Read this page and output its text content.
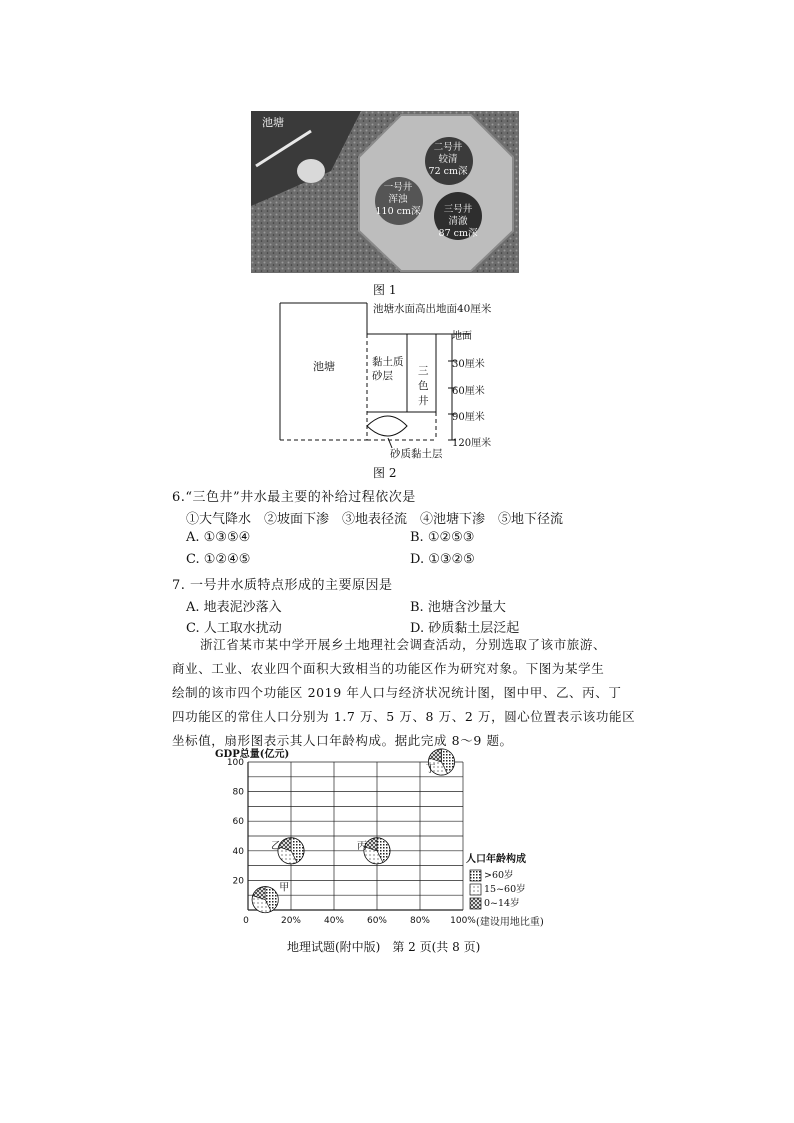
池塘
二号井
较清
72 cm深
一号井
浑浊
110 cm深	三号井
清澈
87 cm深
图 1
池塘水面高出地面40厘米
池塘	黏土质
砂层	三
色
井
地面
30厘米
60厘米
90厘米
120厘米
砂质黏土层
图 2
6.“三色井”井水最主要的补给过程依次是
①大气降水　②坡面下渗　③地表径流　④池塘下渗　⑤地下径流
A. ①③⑤④	B. ①②⑤③
C. ①②④⑤	D. ①③②⑤
7. 一号井水质特点形成的主要原因是
A. 地表泥沙落入	B. 池塘含沙量大
C. 人工取水扰动	D. 砂质黏土层泛起
浙江省某市某中学开展乡土地理社会调查活动，分别选取了该市旅游、
商业、工业、农业四个面积大致相当的功能区作为研究对象。下图为某学生
绘制的该市四个功能区 2019 年人口与经济状况统计图，图中甲、乙、丙、丁
四功能区的常住人口分别为 1.7 万、5 万、8 万、2 万，圆心位置表示该功能区
坐标值，扇形图表示其人口年龄构成。据此完成 8～9 题。
20
40
60
80
100
0	20%	40%	60%	80% 100%
甲
乙	丙
丁
GDP总量(亿元)
(建设用地比重)
人口年龄构成
>60岁
15~60岁
0~14岁
地理试题(附中版)　第 2 页(共 8 页)
